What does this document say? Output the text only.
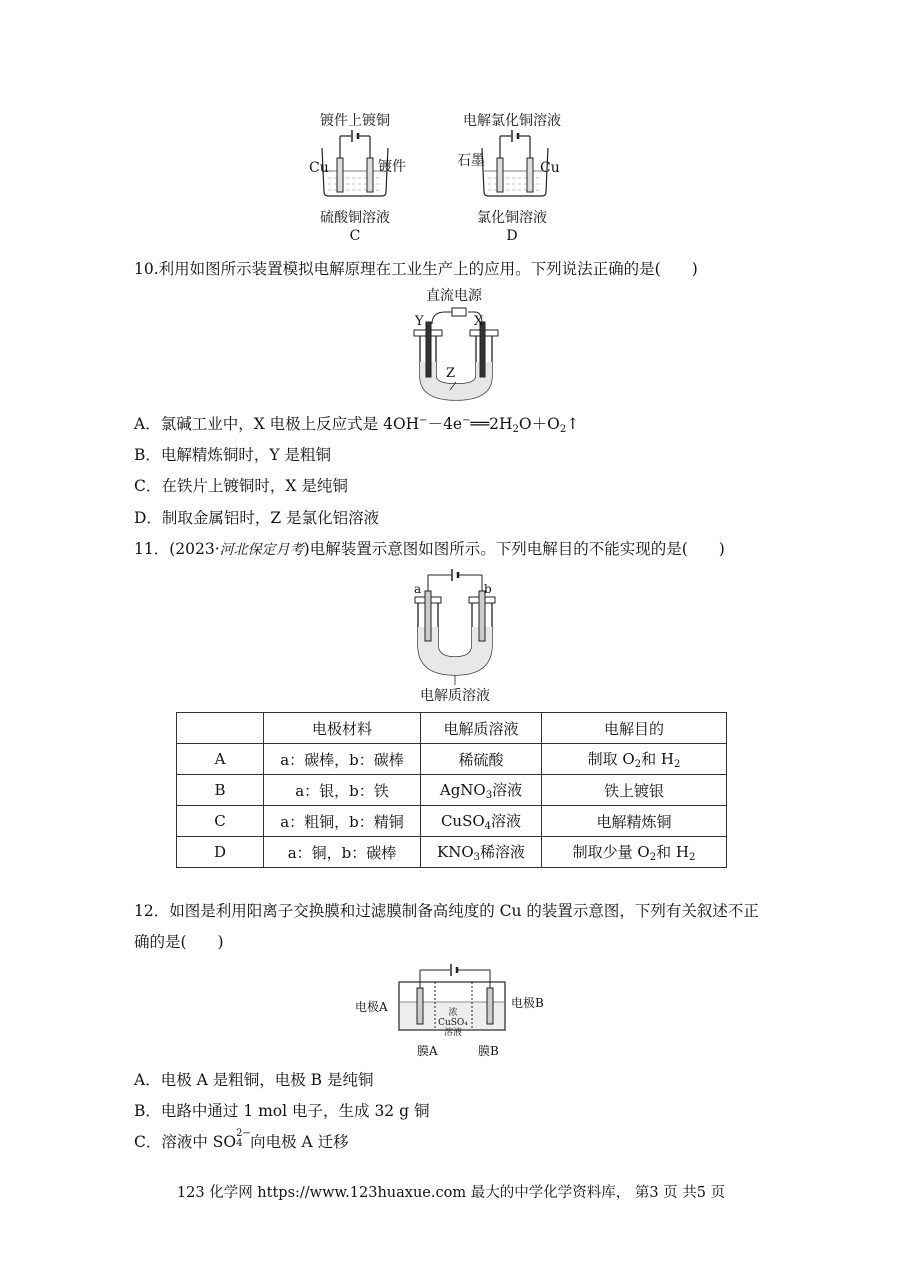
镀件上镀铜
Cu	镀件
硫酸铜溶液
C
电解氯化铜溶液
石墨	Cu
氯化铜溶液
D
10.利用如图所示装置模拟电解原理在工业生产上的应用。下列说法正确的是(　　)
直流电源
Y	X
Z
A．氯碱工业中，X 电极上反应式是 $4OH^--4e^-══2H_2O+O_2↑$
B．电解精炼铜时，Y 是粗铜
C．在铁片上镀铜时，X 是纯铜
D．制取金属铝时，Z 是氯化铝溶液
11．(2023·河北保定月考)电解装置示意图如图所示。下列电解目的不能实现的是(　　)
a	b
电解质溶液
	电极材料	电解质溶液	电解目的
A	a：碳棒，b：碳棒	稀硫酸	制取 $O_2$和 $H_2$
B	a：银，b：铁	AgNO$_3$溶液	铁上镀银
C	a：粗铜，b：精铜	CuSO$_4$溶液	电解精炼铜
D	a：铜，b：碳棒	$KNO_3$稀溶液	制取少量 $O_2$和 $H_2$
12．如图是利用阳离子交换膜和过滤膜制备高纯度的 Cu 的装置示意图，下列有关叙述不正
确的是(　　)
电极A	电极B
浓CuSO₄
溶液
膜A	膜B
A．电极 A 是粗铜，电极 B 是纯铜
B．电路中通过 1 mol 电子，生成 32 g 铜
C．溶液中 SO 2−
4 向电极 A 迁移
123 化学网 https://www.123huaxue.com 最大的中学化学资料库， 第3 页 共5 页
